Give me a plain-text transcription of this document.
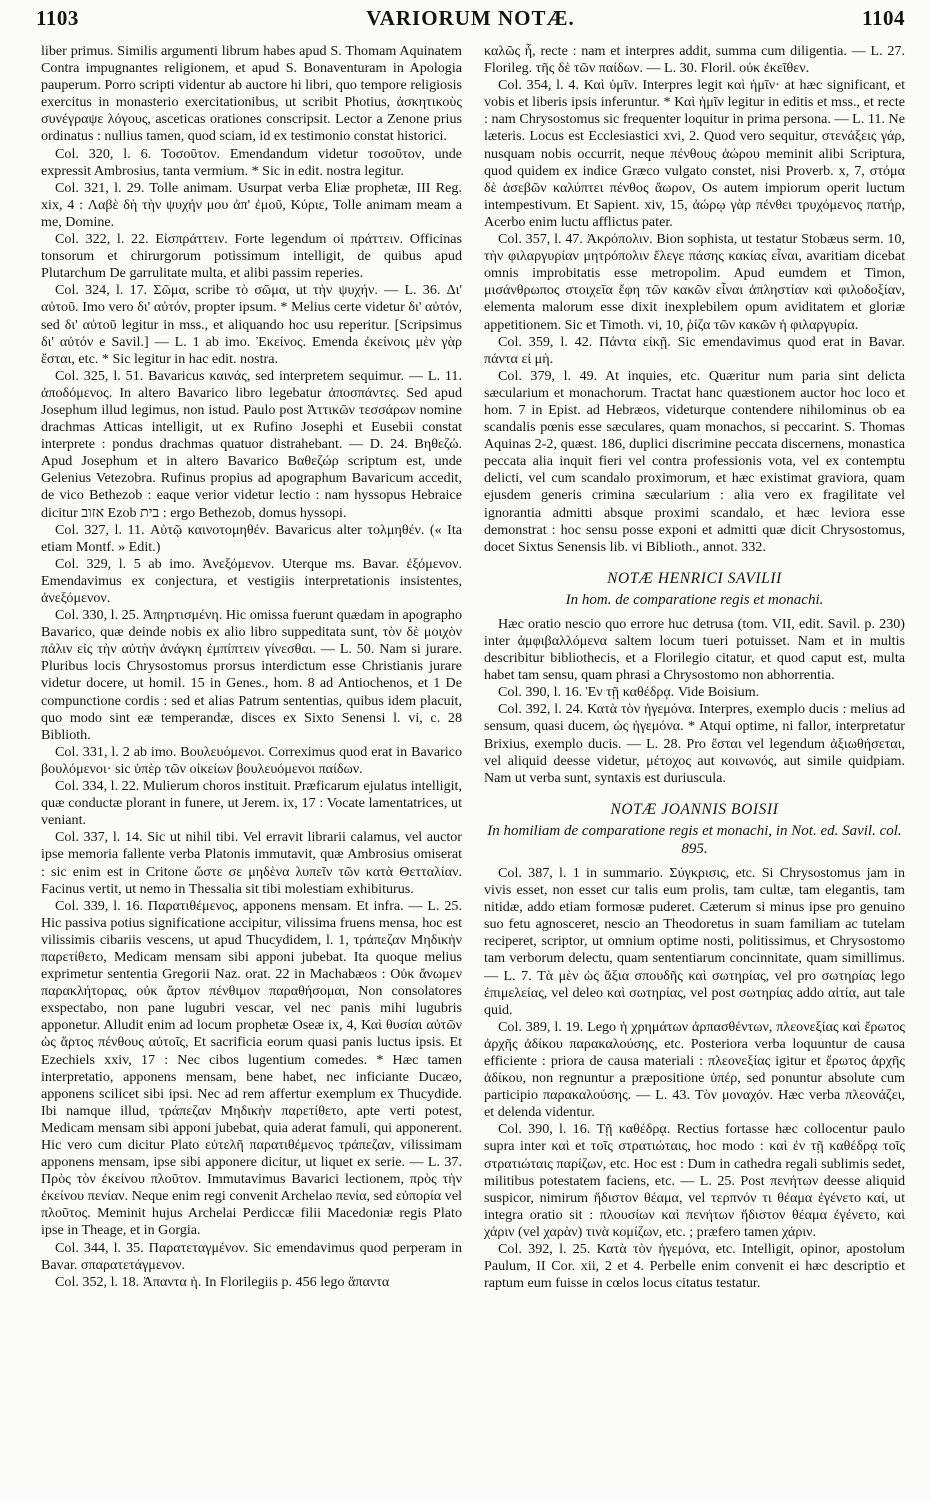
1103	VARIORUM NOTÆ.	1104

liber primus. Similis argumenti librum habes apud S. Thomam Aquinatem Contra impugnantes religionem, et apud S. Bonaventuram in Apologia pauperum. Porro scripti videntur ab auctore hi libri, quo tempore religiosis exercitus in monasterio exercitationibus, ut scribit Photius, ἀσκητικοὺς συνέγραψε λόγους, asceticas orationes conscripsit. Lector a Zenone prius ordinatus : nullius tamen, quod sciam, id ex testimonio constat historici.

Col. 320, l. 6. Τοσοῦτον. Emendandum videtur τοσοῦτον, unde expressit Ambrosius, tanta vermium. * Sic in edit. nostra legitur.

Col. 321, l. 29. Tolle animam. Usurpat verba Eliæ prophetæ, III Reg. xix, 4 : Λαβὲ δὴ τὴν ψυχήν μου ἀπ' ἐμοῦ, Κύριε, Tolle animam meam a me, Domine.

Col. 322, l. 22. Εἰσπράττειν. Forte legendum οἱ πράττειν. Officinas tonsorum et chirurgorum potissimum intelligit, de quibus apud Plutarchum De garrulitate multa, et alibi passim reperies.

Col. 324, l. 17. Σῶμα, scribe τὸ σῶμα, ut τὴν ψυχήν. — L. 36. Δι' αὐτοῦ. Imo vero δι' αὐτόν, propter ipsum. * Melius certe videtur δι' αὐτόν, sed δι' αὐτοῦ legitur in mss., et aliquando hoc usu reperitur. [Scripsimus δι' αὐτόν e Savil.] — L. 1 ab imo. Ἐκείνος. Emenda ἐκείνοις μὲν γὰρ ἔσται, etc. * Sic legitur in hac edit. nostra.

Col. 325, l. 51. Bavaricus καινάς, sed interpretem sequimur. — L. 11. ἀποδόμενος. In altero Bavarico libro legebatur ἀποσπάντες. Sed apud Josephum illud legimus, non istud. Paulo post Ἀττικῶν τεσσάρων nomine drachmas Atticas intelligit, ut ex Rufino Josephi et Eusebii constat interprete : pondus drachmas quatuor distrahebant. — D. 24. Βηθεζώ. Apud Josephum et in altero Bavarico Βαθεζώρ scriptum est, unde Gelenius Vetezobra. Rufinus propius ad apographum Bavaricum accedit, de vico Bethezob : eaque verior videtur lectio : nam hyssopus Hebraice dicitur אזוב Ezob בית : ergo Bethezob, domus hyssopi.

Col. 327, l. 11. Αὐτῷ καινοτομηθέν. Bavaricus alter τολμηθέν. (« Ita etiam Montf. » Edit.)

Col. 329, l. 5 ab imo. Ἀνεξόμενον. Uterque ms. Bavar. ἐξόμενον. Emendavimus ex conjectura, et vestigiis interpretationis insistentes, ἀνεξόμενον.

Col. 330, l. 25. Ἀπηρτισμένη. Hic omissa fuerunt quædam in apographo Bavarico, quæ deinde nobis ex alio libro suppeditata sunt, τὸν δὲ μοιχὸν πάλιν εἰς τὴν αὐτὴν ἀνάγκη ἐμπίπτειν γίνεσθαι. — L. 50. Nam si jurare. Pluribus locis Chrysostomus prorsus interdictum esse Christianis jurare videtur docere, ut homil. 15 in Genes., hom. 8 ad Antiochenos, et 1 De compunctione cordis : sed et alias Patrum sententias, quibus idem placuit, quo modo sint eæ temperandæ, disces ex Sixto Senensi l. vi, c. 28 Biblioth.

Col. 331, l. 2 ab imo. Βουλευόμενοι. Correximus quod erat in Bavarico βουλόμενοι· sic ὑπὲρ τῶν οἰκείων βουλευόμενοι παίδων.

Col. 334, l. 22. Mulierum choros instituit. Præficarum ejulatus intelligit, quæ conductæ plorant in funere, ut Jerem. ix, 17 : Vocate lamentatrices, ut veniant.

Col. 337, l. 14. Sic ut nihil tibi. Vel erravit librarii calamus, vel auctor ipse memoria fallente verba Platonis immutavit, quæ Ambrosius omiserat : sic enim est in Critone ὥστε σε μηδὲνα λυπεῖν τῶν κατὰ Θετταλίαν. Facinus vertit, ut nemo in Thessalia sit tibi molestiam exhibiturus.

Col. 339, l. 16. Παρατιθέμενος, apponens mensam. Et infra. — L. 25. Hic passiva potius significatione accipitur, vilissima fruens mensa, hoc est vilissimis cibariis vescens, ut apud Thucydidem, l. 1, τράπεζαν Μηδικὴν παρετίθετο, Medicam mensam sibi apponi jubebat. Ita quoque melius exprimetur sententia Gregorii Naz. orat. 22 in Machabæos : Οὐκ ἄνωμεν παρακλήτορας, οὐκ ἄρτον πένθιμον παραθήσομαι, Non consolatores exspectabo, non pane lugubri vescar, vel nec panis mihi lugubris apponetur. Alludit enim ad locum prophetæ Oseæ ix, 4, Καὶ θυσίαι αὐτῶν ὡς ἄρτος πένθους αὐτοῖς, Et sacrificia eorum quasi panis luctus ipsis. Et Ezechiels xxiv, 17 : Nec cibos lugentium comedes. * Hæc tamen interpretatio, apponens mensam, bene habet, nec inficiante Ducæo, apponens scilicet sibi ipsi. Nec ad rem affertur exemplum ex Thucydide. Ibi namque illud, τράπεζαν Μηδικὴν παρετίθετο, apte verti potest, Medicam mensam sibi apponi jubebat, quia aderat famuli, qui apponerent. Hic vero cum dicitur Plato εὐτελῆ παρατιθέμενος τράπεζαν, vilissimam apponens mensam, ipse sibi apponere dicitur, ut liquet ex serie. — L. 37. Πρὸς τὸν ἐκείνου πλοῦτον. Immutavimus Bavarici lectionem, πρὸς τὴν ἐκείνου πενίαν. Neque enim regi convenit Archelao πενία, sed εὐπορία vel πλοῦτος. Meminit hujus Archelai Perdiccæ filii Macedoniæ regis Plato ipse in Theage, et in Gorgia.

Col. 344, l. 35. Παρατεταγμένον. Sic emendavimus quod perperam in Bavar. σπαρατετάγμενον.

Col. 352, l. 18. Ἀπαντα ἡ. In Florilegiis p. 456 lego ἅπαντα

καλῶς ἦ, recte : nam et interpres addit, summa cum diligentia. — L. 27. Florileg. τῆς δὲ τῶν παίδων. — L. 30. Floril. οὐκ ἐκεῖθεν.

Col. 354, l. 4. Καὶ ὑμῖν. Interpres legit καὶ ἡμῖν· at hæc significant, et vobis et liberis ipsis inferuntur. * Καὶ ἡμῖν legitur in editis et mss., et recte : nam Chrysostomus sic frequenter loquitur in prima persona. — L. 11. Ne læteris. Locus est Ecclesiastici xvi, 2. Quod vero sequitur, στενάξεις γάρ, nusquam nobis occurrit, neque πένθους ἀώρου meminit alibi Scriptura, quod quidem ex indice Græco vulgato constet, nisi Proverb. x, 7, στόμα δὲ ἀσεβῶν καλύπτει πένθος ἄωρον, Os autem impiorum operit luctum intempestivum. Et Sapient. xiv, 15, ἀώρῳ γὰρ πένθει τρυχόμενος πατήρ, Acerbo enim luctu afflictus pater.

Col. 357, l. 47. Ἀκρόπολιν. Bion sophista, ut testatur Stobæus serm. 10, τὴν φιλαργυρίαν μητρόπολιν ἔλεγε πάσης κακίας εἶναι, avaritiam dicebat omnis improbitatis esse metropolim. Apud eumdem et Timon, μισάνθρωπος στοιχεῖα ἔφη τῶν κακῶν εἶναι ἀπληστίαν καὶ φιλοδοξίαν, elementa malorum esse dixit inexplebilem opum aviditatem et gloriæ appetitionem. Sic et Timoth. vi, 10, ῥίζα τῶν κακῶν ἡ φιλαργυρία.

Col. 359, l. 42. Πάντα εἰκῇ. Sic emendavimus quod erat in Bavar. πάντα εἰ μὴ.

Col. 379, l. 49. At inquies, etc. Quæritur num paria sint delicta sæcularium et monachorum. Tractat hanc quæstionem auctor hoc loco et hom. 7 in Epist. ad Hebræos, videturque contendere nihilominus ob ea scandalis pœnis esse sæculares, quam monachos, si peccarint. S. Thomas Aquinas 2-2, quæst. 186, duplici discrimine peccata discernens, monastica peccata alia inquit fieri vel contra professionis vota, vel ex contemptu delicti, vel cum scandalo proximorum, et hæc existimat graviora, quam ejusdem generis crimina sæcularium : alia vero ex fragilitate vel ignorantia admitti absque proximi scandalo, et hæc leviora esse demonstrat : hoc sensu posse exponi et admitti quæ dicit Chrysostomus, docet Sixtus Senensis lib. vi Biblioth., annot. 332.

NOTÆ HENRICI SAVILII
In hom. de comparatione regis et monachi.

Hæc oratio nescio quo errore huc detrusa (tom. VII, edit. Savil. p. 230) inter ἀμφιβαλλόμενα saltem locum tueri potuisset. Nam et in multis describitur bibliothecis, et a Florilegio citatur, et quod caput est, multa habet tam sensu, quam phrasi a Chrysostomo non abhorrentia.

Col. 390, l. 16. Ἐν τῇ καθέδρᾳ. Vide Boisium.

Col. 392, l. 24. Κατὰ τὸν ἡγεμόνα. Interpres, exemplo ducis : melius ad sensum, quasi ducem, ὡς ἡγεμόνα. * Atqui optime, ni fallor, interpretatur Brixius, exemplo ducis. — L. 28. Pro ἔσται vel legendum ἀξιωθήσεται, vel aliquid deesse videtur, μέτοχος aut κοινωνός, aut simile quidpiam. Nam ut verba sunt, syntaxis est duriuscula.

NOTÆ JOANNIS BOISII
In homiliam de comparatione regis et monachi, in Not. ed. Savil. col. 895.

Col. 387, l. 1 in summario. Σύγκρισις, etc. Si Chrysostomus jam in vivis esset, non esset cur talis eum prolis, tam cultæ, tam elegantis, tam nitidæ, addo etiam formosæ puderet. Cæterum si minus ipse pro genuino suo fetu agnosceret, nescio an Theodoretus in suam familiam ac tutelam reciperet, scriptor, ut omnium optime nosti, politissimus, et Chrysostomo tam verborum delectu, quam sententiarum concinnitate, quam simillimus. — L. 7. Τὰ μὲν ὡς ἄξια σπουδῆς καὶ σωτηρίας, vel pro σωτηρίας lego ἐπιμελείας, vel deleo καὶ σωτηρίας, vel post σωτηρίας addo αἰτία, aut tale quid.

Col. 389, l. 19. Lego ἡ χρημάτων ἀρπασθέντων, πλεονεξίας καὶ ἔρωτος ἀρχῆς ἀδίκου παρακαλούσης, etc. Posteriora verba loquuntur de causa efficiente : priora de causa materiali : πλεονεξίας igitur et ἔρωτος ἀρχῆς ἀδίκου, non regnuntur a præpositione ὑπέρ, sed ponuntur absolute cum participio παρακαλούσης. — L. 43. Τὸν μοναχόν. Hæc verba πλεονάζει, et delenda videntur.

Col. 390, l. 16. Τῇ καθέδρᾳ. Rectius fortasse hæc collocentur paulo supra inter καὶ et τοῖς στρατιώταις, hoc modo : καὶ ἐν τῇ καθέδρᾳ τοῖς στρατιώταις παρίζων, etc. Hoc est : Dum in cathedra regali sublimis sedet, militibus potestatem faciens, etc. — L. 25. Post πενήτων deesse aliquid suspicor, nimirum ἥδιστον θέαμα, vel τερπνόν τι θέαμα ἐγένετο καί, ut integra oratio sit : πλουσίων καὶ πενήτων ἥδιστον θέαμα ἐγένετο, καὶ χάριν (vel χαρὰν) τινὰ κομίζων, etc. ; præfero tamen χάριν.

Col. 392, l. 25. Κατὰ τὸν ἡγεμόνα, etc. Intelligit, opinor, apostolum Paulum, II Cor. xii, 2 et 4. Perbelle enim convenit ei hæc descriptio et raptum eum fuisse in cœlos locus citatus testatur.
